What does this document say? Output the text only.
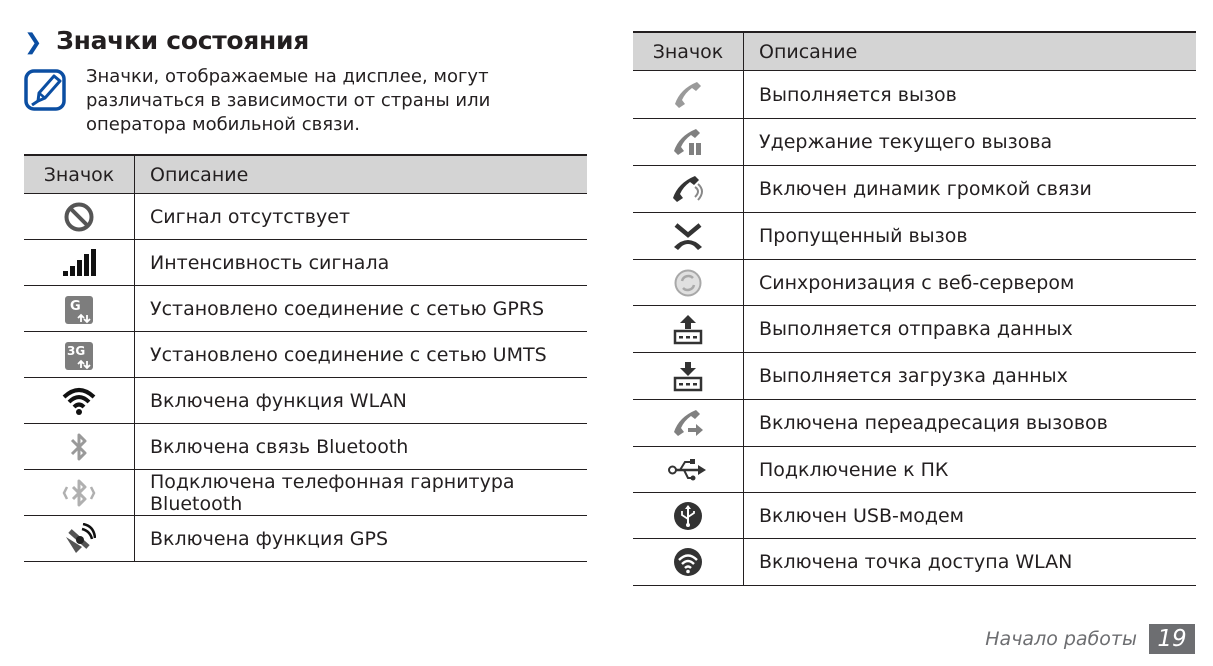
❯ Значки состояния

Значки, отображаемые на дисплее, могут различаться в зависимости от страны или оператора мобильной связи.

Значок	Описание
	Сигнал отсутствует
	Интенсивность сигнала

G	Установлено соединение с сетью GPRS

3G	Установлено соединение с сетью UMTS
	Включена функция WLAN
	Включена связь Bluetooth
	Подключена телефонная гарнитура Bluetooth
	Включена функция GPS
Значок	Описание
	Выполняется вызов
	Удержание текущего вызова
	Включен динамик громкой связи
	Пропущенный вызов
	Синхронизация с веб-сервером
	Выполняется отправка данных
	Выполняется загрузка данных
	Включена переадресация вызовов
	Подключение к ПК
	Включен USB-модем
	Включена точка доступа WLAN
Начало работы 19
